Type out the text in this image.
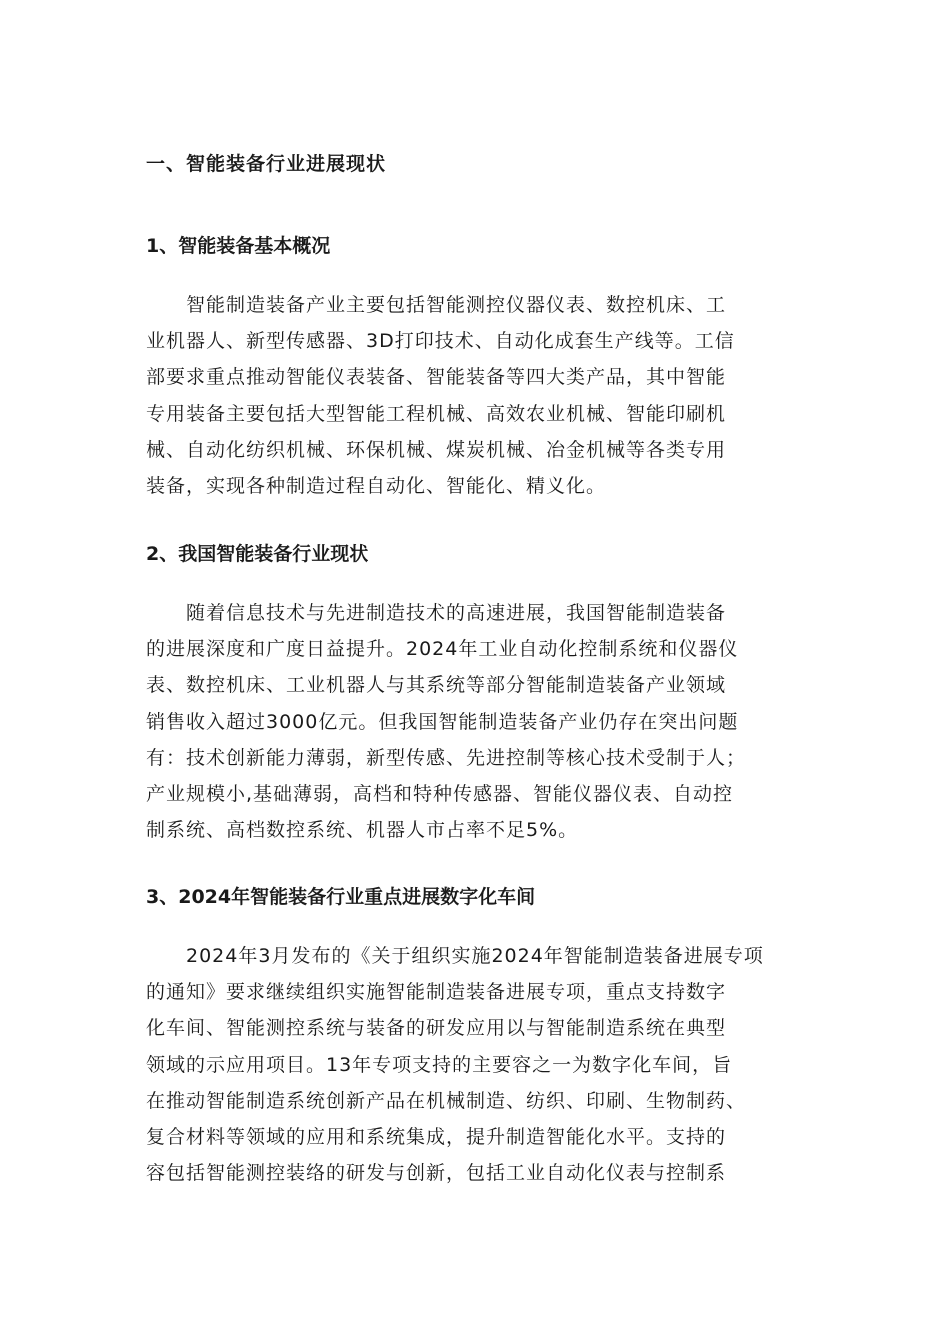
一、智能装备行业进展现状
1、智能装备基本概况

智能制造装备产业主要包括智能测控仪器仪表、数控机床、工
业机器人、新型传感器、3D打印技术、自动化成套生产线等。工信
部要求重点推动智能仪表装备、智能装备等四大类产品，其中智能
专用装备主要包括大型智能工程机械、高效农业机械、智能印刷机
械、自动化纺织机械、环保机械、煤炭机械、冶金机械等各类专用
装备，实现各种制造过程自动化、智能化、精义化。

2、我国智能装备行业现状

随着信息技术与先进制造技术的高速进展，我国智能制造装备
的进展深度和广度日益提升。2024年工业自动化控制系统和仪器仪
表、数控机床、工业机器人与其系统等部分智能制造装备产业领域
销售收入超过3000亿元。但我国智能制造装备产业仍存在突出问题
有：技术创新能力薄弱，新型传感、先进控制等核心技术受制于人；
产业规模小,基础薄弱，高档和特种传感器、智能仪器仪表、自动控
制系统、高档数控系统、机器人市占率不足5%。

3、2024年智能装备行业重点进展数字化车间

2024年3月发布的《关于组织实施2024年智能制造装备进展专项
的通知》要求继续组织实施智能制造装备进展专项，重点支持数字
化车间、智能测控系统与装备的研发应用以与智能制造系统在典型
领域的示应用项目。13年专项支持的主要容之一为数字化车间，旨
在推动智能制造系统创新产品在机械制造、纺织、印刷、生物制药、
复合材料等领域的应用和系统集成，提升制造智能化水平。支持的
容包括智能测控装络的研发与创新，包括工业自动化仪表与控制系
